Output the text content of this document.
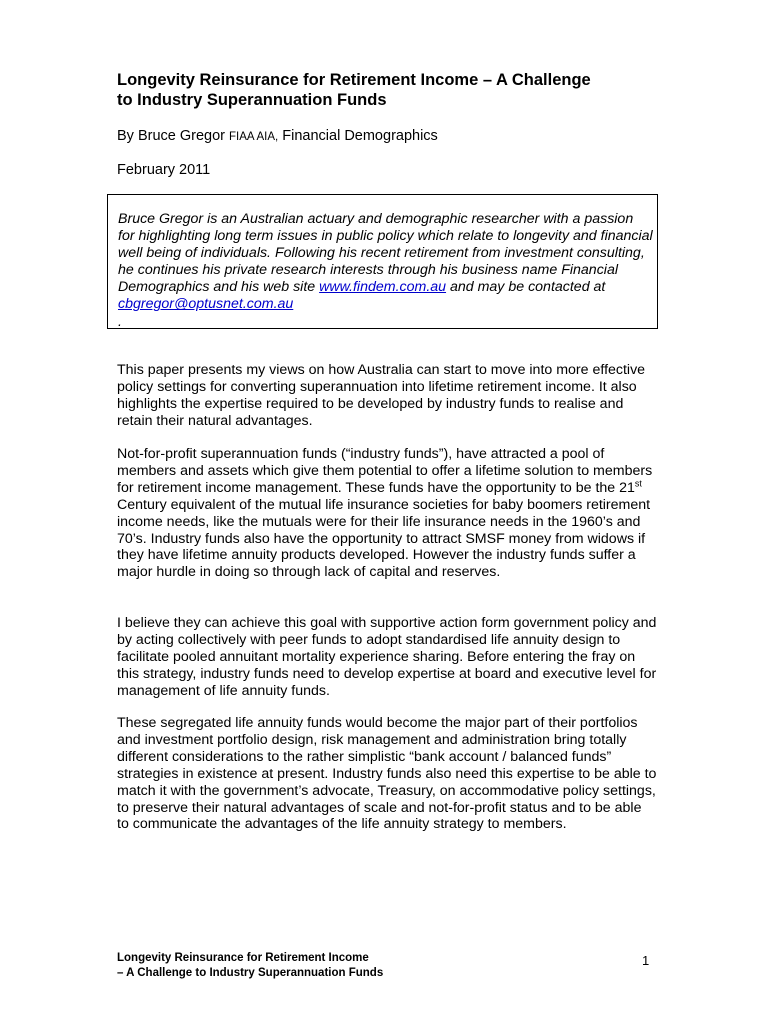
Longevity Reinsurance for Retirement Income – A Challenge
to Industry Superannuation Funds

By Bruce Gregor FIAA AIA, Financial Demographics

February 2011

Bruce Gregor is an Australian actuary and demographic researcher with a passion for highlighting long term issues in public policy which relate to longevity and financial well being of individuals. Following his recent retirement from investment consulting, he continues his private research interests through his business name Financial Demographics and his web site www.findem.com.au and may be contacted at cbgregor@optusnet.com.au
.

This paper presents my views on how Australia can start to move into more effective policy settings for converting superannuation into lifetime retirement income. It also highlights the expertise required to be developed by industry funds to realise and retain their natural advantages.

Not-for-profit superannuation funds (“industry funds”), have attracted a pool of members and assets which give them potential to offer a lifetime solution to members for retirement income management. These funds have the opportunity to be the 21st Century equivalent of the mutual life insurance societies for baby boomers retirement income needs, like the mutuals were for their life insurance needs in the 1960’s and 70’s. Industry funds also have the opportunity to attract SMSF money from widows if they have lifetime annuity products developed. However the industry funds suffer a major hurdle in doing so through lack of capital and reserves.

I believe they can achieve this goal with supportive action form government policy and by acting collectively with peer funds to adopt standardised life annuity design to facilitate pooled annuitant mortality experience sharing. Before entering the fray on this strategy, industry funds need to develop expertise at board and executive level for management of life annuity funds.

These segregated life annuity funds would become the major part of their portfolios and investment portfolio design, risk management and administration bring totally different considerations to the rather simplistic “bank account / balanced funds” strategies in existence at present. Industry funds also need this expertise to be able to match it with the government’s advocate, Treasury, on accommodative policy settings, to preserve their natural advantages of scale and not-for-profit status and to be able to communicate the advantages of the life annuity strategy to members.

Longevity Reinsurance for Retirement Income
– A Challenge to Industry Superannuation Funds

1
